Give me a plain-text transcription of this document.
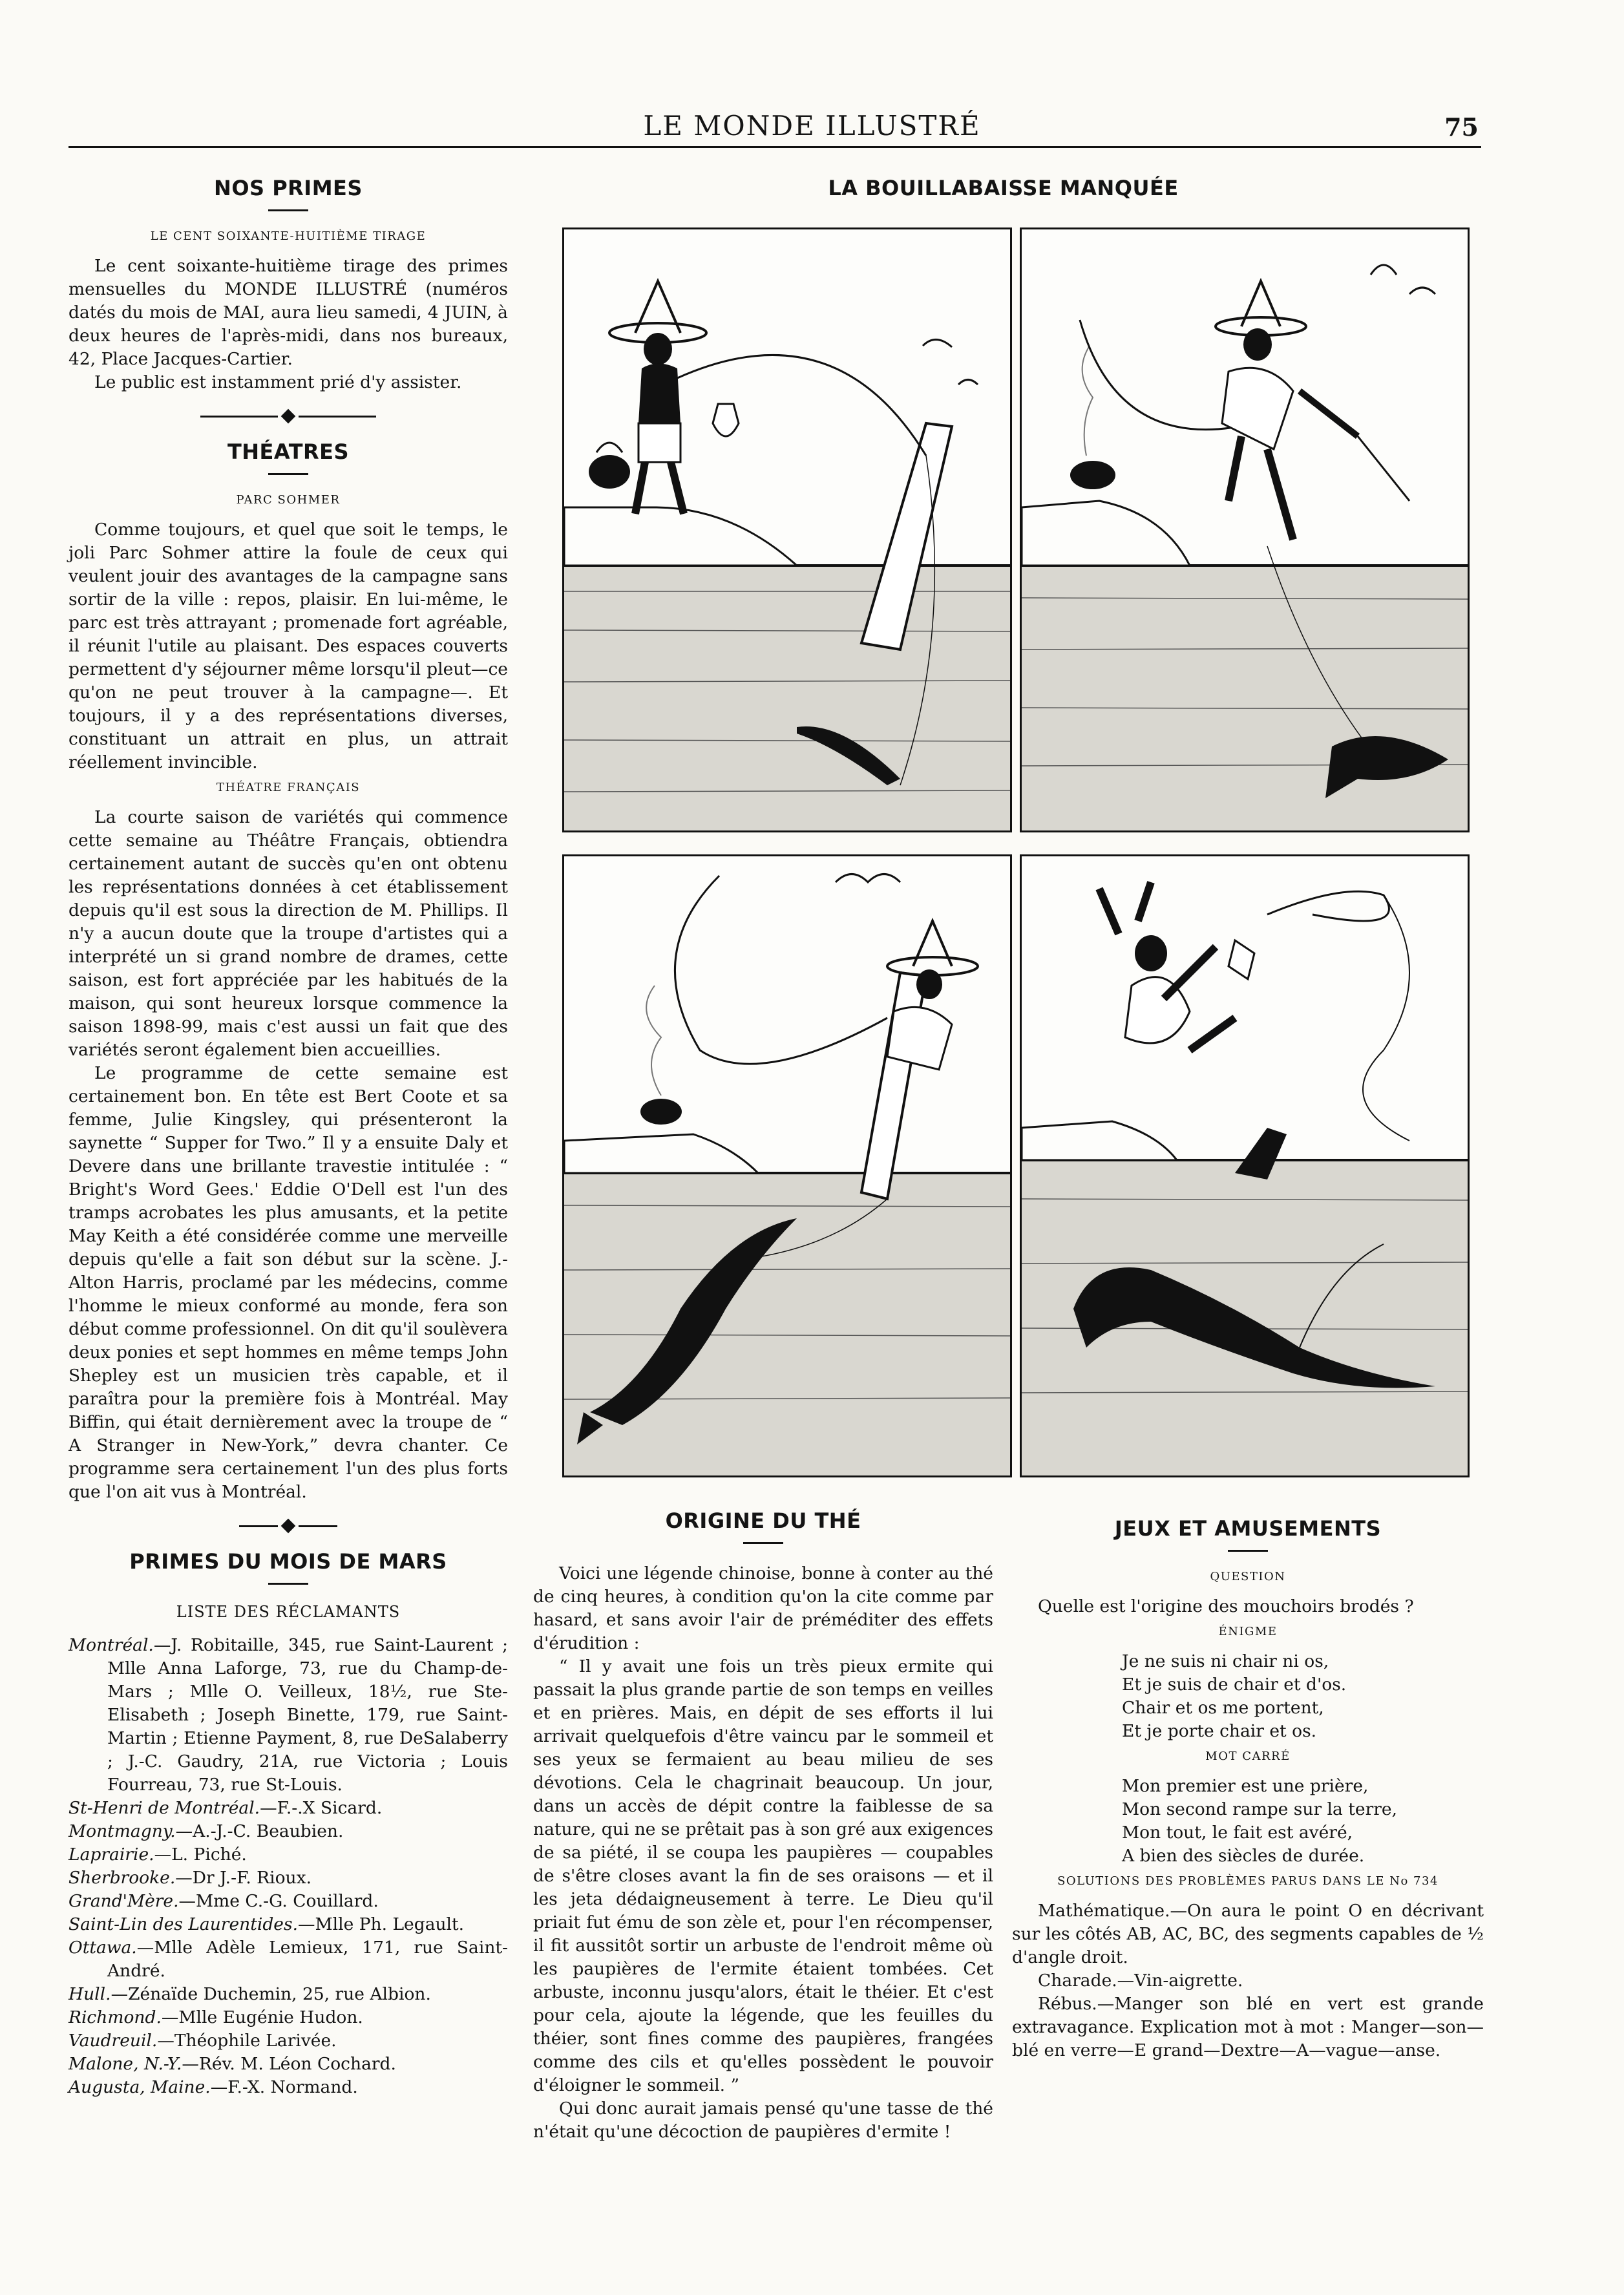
LE MONDE ILLUSTRÉ	75
NOS PRIMES
LE CENT SOIXANTE-HUITIÈME TIRAGE

Le cent soixante-huitième tirage des primes mensuelles du MONDE ILLUSTRÉ (numéros datés du mois de MAI, aura lieu samedi, 4 JUIN, à deux heures de l'après-midi, dans nos bureaux, 42, Place Jacques-Cartier.

Le public est instamment prié d'y assister.

THÉATRES
PARC SOHMER

Comme toujours, et quel que soit le temps, le joli Parc Sohmer attire la foule de ceux qui veulent jouir des avantages de la campagne sans sortir de la ville : repos, plaisir. En lui-même, le parc est très attrayant ; promenade fort agréable, il réunit l'utile au plaisant. Des espaces couverts permettent d'y séjourner même lorsqu'il pleut—ce qu'on ne peut trouver à la campagne—. Et toujours, il y a des représentations diverses, constituant un attrait en plus, un attrait réellement invincible.

THÉATRE FRANÇAIS

La courte saison de variétés qui commence cette semaine au Théâtre Français, obtiendra certainement autant de succès qu'en ont obtenu les représentations données à cet établissement depuis qu'il est sous la direction de M. Phillips. Il n'y a aucun doute que la troupe d'artistes qui a interprété un si grand nombre de drames, cette saison, est fort appréciée par les habitués de la maison, qui sont heureux lorsque commence la saison 1898-99, mais c'est aussi un fait que des variétés seront également bien accueillies.

Le programme de cette semaine est certainement bon. En tête est Bert Coote et sa femme, Julie Kingsley, qui présenteront la saynette “ Supper for Two.” Il y a ensuite Daly et Devere dans une brillante travestie intitulée : “ Bright's Word Gees.' Eddie O'Dell est l'un des tramps acrobates les plus amusants, et la petite May Keith a été considérée comme une merveille depuis qu'elle a fait son début sur la scène. J.-Alton Harris, proclamé par les médecins, comme l'homme le mieux conformé au monde, fera son début comme professionnel. On dit qu'il soulèvera deux ponies et sept hommes en même temps John Shepley est un musicien très capable, et il paraîtra pour la première fois à Montréal. May Biffin, qui était dernièrement avec la troupe de “ A Stranger in New-York,” devra chanter. Ce programme sera certainement l'un des plus forts que l'on ait vus à Montréal.

PRIMES DU MOIS DE MARS
LISTE DES RÉCLAMANTS
Montréal.—J. Robitaille, 345, rue Saint-Laurent ; Mlle Anna Laforge, 73, rue du Champ-de-Mars ; Mlle O. Veilleux, 18½, rue Ste-Elisabeth ; Joseph Binette, 179, rue Saint-Martin ; Etienne Payment, 8, rue DeSalaberry ; J.-C. Gaudry, 21A, rue Victoria ; Louis Fourreau, 73, rue St-Louis.
St-Henri de Montréal.—F.-.X Sicard.
Montmagny.—A.-J.-C. Beaubien.
Laprairie.—L. Piché.
Sherbrooke.—Dr J.-F. Rioux.
Grand'Mère.—Mme C.-G. Couillard.
Saint-Lin des Laurentides.—Mlle Ph. Legault.
Ottawa.—Mlle Adèle Lemieux, 171, rue Saint-André.
Hull.—Zénaïde Duchemin, 25, rue Albion.
Richmond.—Mlle Eugénie Hudon.
Vaudreuil.—Théophile Larivée.
Malone, N.-Y.—Rév. M. Léon Cochard.
Augusta, Maine.—F.-X. Normand.
LA BOUILLABAISSE MANQUÉE
ORIGINE DU THÉ

Voici une légende chinoise, bonne à conter au thé de cinq heures, à condition qu'on la cite comme par hasard, et sans avoir l'air de préméditer des effets d'érudition :

“ Il y avait une fois un très pieux ermite qui passait la plus grande partie de son temps en veilles et en prières. Mais, en dépit de ses efforts il lui arrivait quelquefois d'être vaincu par le sommeil et ses yeux se fermaient au beau milieu de ses dévotions. Cela le chagrinait beaucoup. Un jour, dans un accès de dépit contre la faiblesse de sa nature, qui ne se prêtait pas à son gré aux exigences de sa piété, il se coupa les paupières — coupables de s'être closes avant la fin de ses oraisons — et il les jeta dédaigneusement à terre. Le Dieu qu'il priait fut ému de son zèle et, pour l'en récompenser, il fit aussitôt sortir un arbuste de l'endroit même où les paupières de l'ermite étaient tombées. Cet arbuste, inconnu jusqu'alors, était le théier. Et c'est pour cela, ajoute la légende, que les feuilles du théier, sont fines comme des paupières, frangées comme des cils et qu'elles possèdent le pouvoir d'éloigner le sommeil. ”

Qui donc aurait jamais pensé qu'une tasse de thé n'était qu'une décoction de paupières d'ermite !

JEUX ET AMUSEMENTS
QUESTION

Quelle est l'origine des mouchoirs brodés ?

ÉNIGME
Je ne suis ni chair ni os,
Et je suis de chair et d'os.
Chair et os me portent,
Et je porte chair et os.
MOT CARRÉ
Mon premier est une prière,
Mon second rampe sur la terre,
Mon tout, le fait est avéré,
A bien des siècles de durée.
SOLUTIONS DES PROBLÈMES PARUS DANS LE No 734

Mathématique.—On aura le point O en décrivant sur les côtés AB, AC, BC, des segments capables de ½ d'angle droit.

Charade.—Vin-aigrette.

Rébus.—Manger son blé en vert est grande extravagance. Explication mot à mot : Manger—son—blé en verre—E grand—Dextre—A—vague—anse.
